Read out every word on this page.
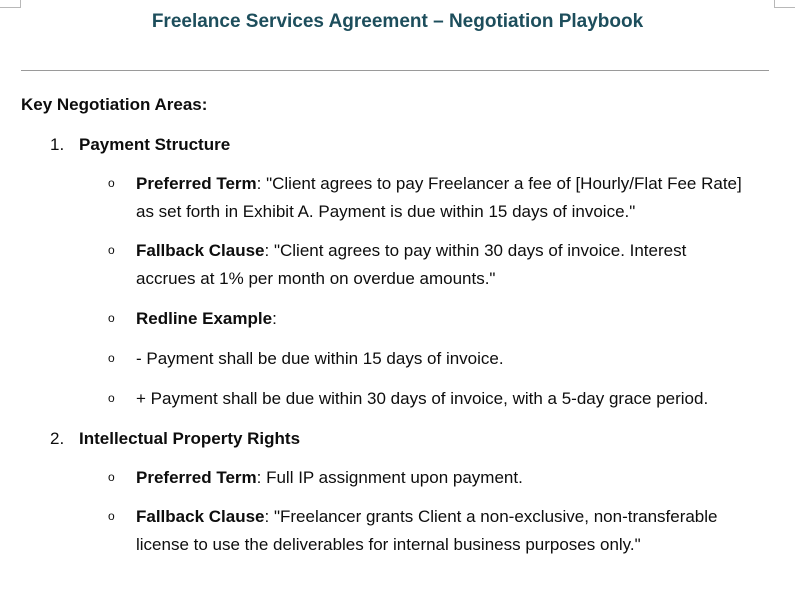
Freelance Services Agreement – Negotiation Playbook
Key Negotiation Areas:
1. Payment Structure
o Preferred Term: "Client agrees to pay Freelancer a fee of [Hourly/Flat Fee Rate] as set forth in Exhibit A. Payment is due within 15 days of invoice."
o Fallback Clause: "Client agrees to pay within 30 days of invoice. Interest accrues at 1% per month on overdue amounts."
o Redline Example:
o - Payment shall be due within 15 days of invoice.
o + Payment shall be due within 30 days of invoice, with a 5-day grace period.
2. Intellectual Property Rights
o Preferred Term: Full IP assignment upon payment.
o Fallback Clause: "Freelancer grants Client a non-exclusive, non-transferable license to use the deliverables for internal business purposes only."
